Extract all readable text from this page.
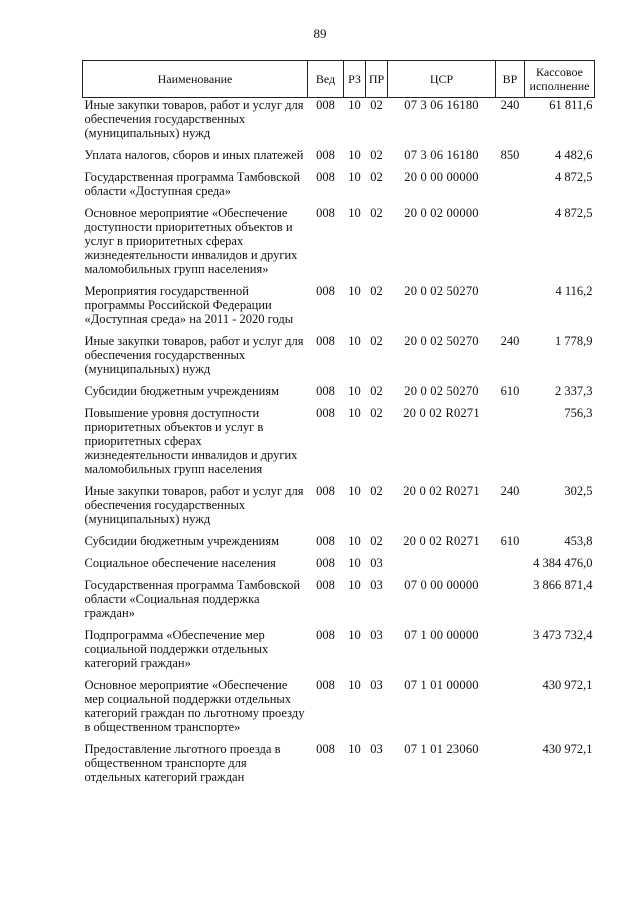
89
Наименование	Вед	РЗ	ПР	ЦСР	ВР	Кассовое исполнение
Иные закупки товаров, работ и услуг для обеспечения государственных (муниципальных) нужд	008	10	02	07 3 06 16180	240	61 811,6
Уплата налогов, сборов и иных платежей	008	10	02	07 3 06 16180	850	4 482,6
Государственная программа Тамбовской области «Доступная среда»	008	10	02	20 0 00 00000		4 872,5
Основное мероприятие «Обеспечение доступности приоритетных объектов и услуг в приоритетных сферах жизнедеятельности инвалидов и других маломобильных групп населения»	008	10	02	20 0 02 00000		4 872,5
Мероприятия государственной программы Российской Федерации «Доступная среда» на 2011 - 2020 годы	008	10	02	20 0 02 50270		4 116,2
Иные закупки товаров, работ и услуг для обеспечения государственных (муниципальных) нужд	008	10	02	20 0 02 50270	240	1 778,9
Субсидии бюджетным учреждениям	008	10	02	20 0 02 50270	610	2 337,3
Повышение уровня доступности приоритетных объектов и услуг в приоритетных сферах жизнедеятельности инвалидов и других маломобильных групп населения	008	10	02	20 0 02 R0271		756,3
Иные закупки товаров, работ и услуг для обеспечения государственных (муниципальных) нужд	008	10	02	20 0 02 R0271	240	302,5
Субсидии бюджетным учреждениям	008	10	02	20 0 02 R0271	610	453,8
Социальное обеспечение населения	008	10	03			4 384 476,0
Государственная программа Тамбовской области «Социальная поддержка граждан»	008	10	03	07 0 00 00000		3 866 871,4
Подпрограмма «Обеспечение мер социальной поддержки отдельных категорий граждан»	008	10	03	07 1 00 00000		3 473 732,4
Основное мероприятие «Обеспечение мер социальной поддержки отдельных категорий граждан по льготному проезду в общественном транспорте»	008	10	03	07 1 01 00000		430 972,1
Предоставление льготного проезда в общественном транспорте для отдельных категорий граждан	008	10	03	07 1 01 23060		430 972,1
